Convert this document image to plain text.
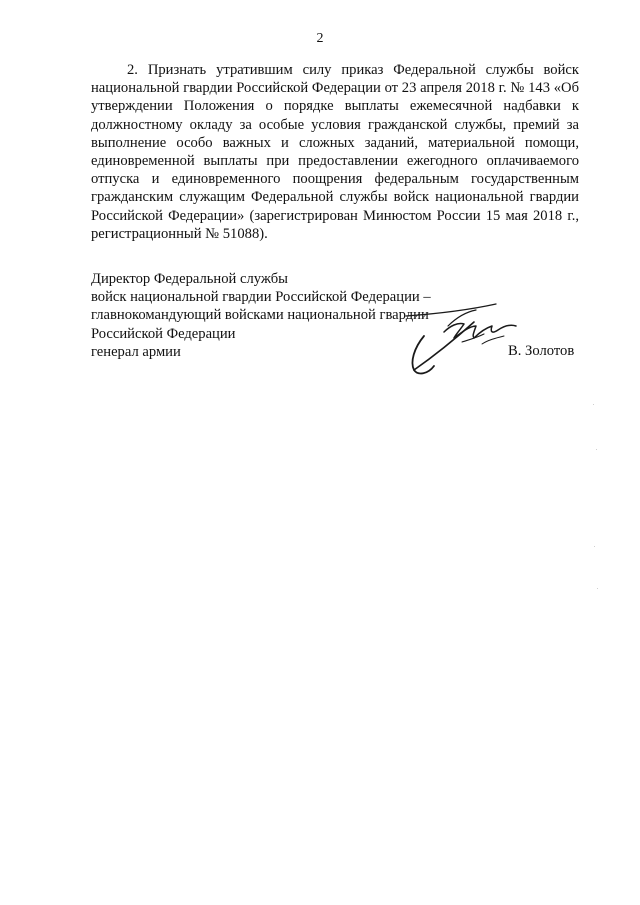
2

2. Признать утратившим силу приказ Федеральной службы войск национальной гвардии Российской Федерации от 23 апреля 2018 г. № 143 «Об утверждении Положения о порядке выплаты ежемесячной надбавки к должностному окладу за особые условия гражданской службы, премий за выполнение особо важных и сложных заданий, материальной помощи, единовременной выплаты при предоставлении ежегодного оплачиваемого отпуска и единовременного поощрения федеральным государственным гражданским служащим Федеральной службы войск национальной гвардии Российской Федерации» (зарегистрирован Минюстом России 15 мая 2018 г., регистрационный № 51088).

Директор Федеральной службы
войск национальной гвардии Российской Федерации –
главнокомандующий войсками национальной гвардии
Российской Федерации
генерал армии	В. Золотов
